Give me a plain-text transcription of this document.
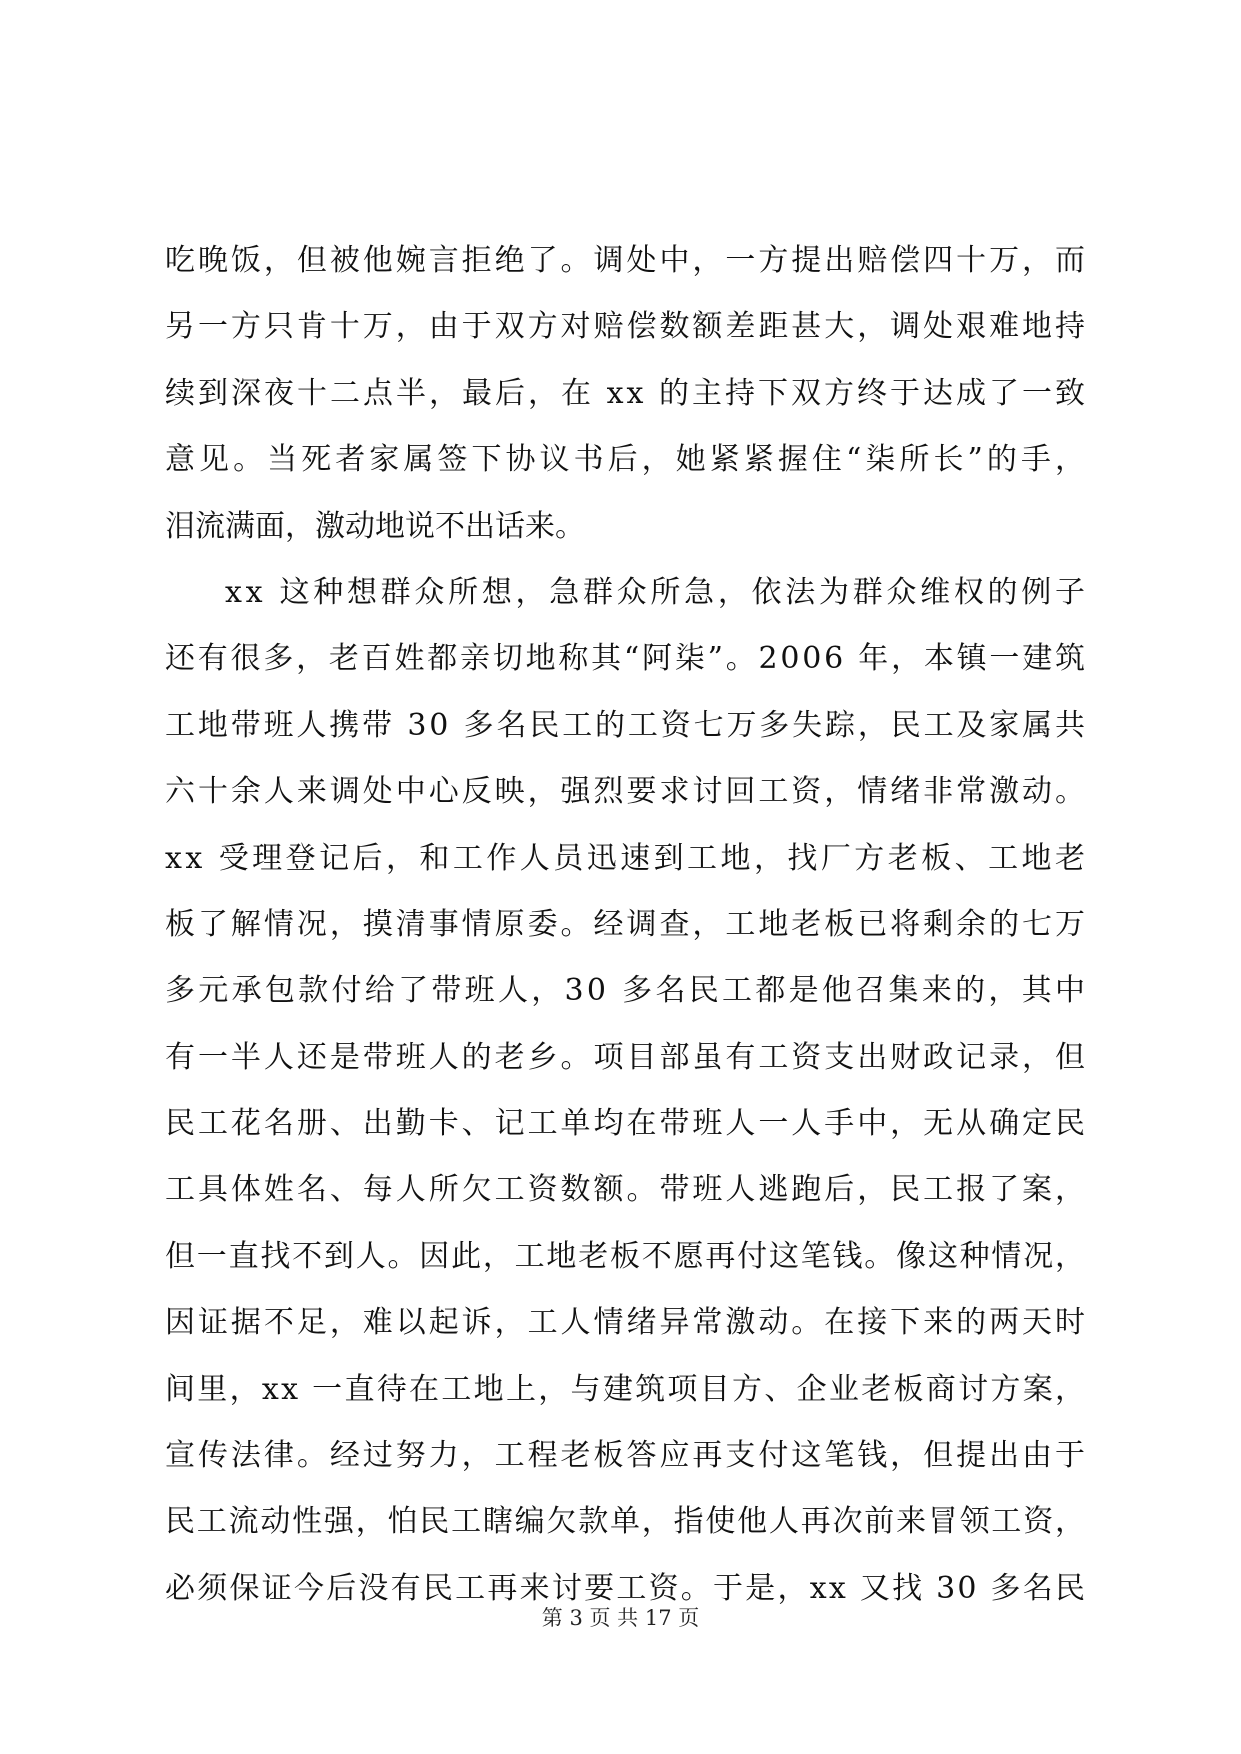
吃晚饭，但被他婉言拒绝了。调处中，一方提出赔偿四十万，而
另一方只肯十万，由于双方对赔偿数额差距甚大，调处艰难地持
续到深夜十二点半，最后，在 xx 的主持下双方终于达成了一致
意见。当死者家属签下协议书后，她紧紧握住“柒所长”的手，
泪流满面，激动地说不出话来。
xx 这种想群众所想，急群众所急，依法为群众维权的例子
还有很多，老百姓都亲切地称其“阿柒”。2006 年，本镇一建筑
工地带班人携带 30 多名民工的工资七万多失踪，民工及家属共
六十余人来调处中心反映，强烈要求讨回工资，情绪非常激动。
xx 受理登记后，和工作人员迅速到工地，找厂方老板、工地老
板了解情况，摸清事情原委。经调查，工地老板已将剩余的七万
多元承包款付给了带班人，30 多名民工都是他召集来的，其中
有一半人还是带班人的老乡。项目部虽有工资支出财政记录，但
民工花名册、出勤卡、记工单均在带班人一人手中，无从确定民
工具体姓名、每人所欠工资数额。带班人逃跑后，民工报了案，
但一直找不到人。因此，工地老板不愿再付这笔钱。像这种情况，
因证据不足，难以起诉，工人情绪异常激动。在接下来的两天时
间里，xx 一直待在工地上，与建筑项目方、企业老板商讨方案，
宣传法律。经过努力，工程老板答应再支付这笔钱，但提出由于
民工流动性强，怕民工瞎编欠款单，指使他人再次前来冒领工资，
必须保证今后没有民工再来讨要工资。于是，xx 又找 30 多名民
第 3 页 共 17 页
